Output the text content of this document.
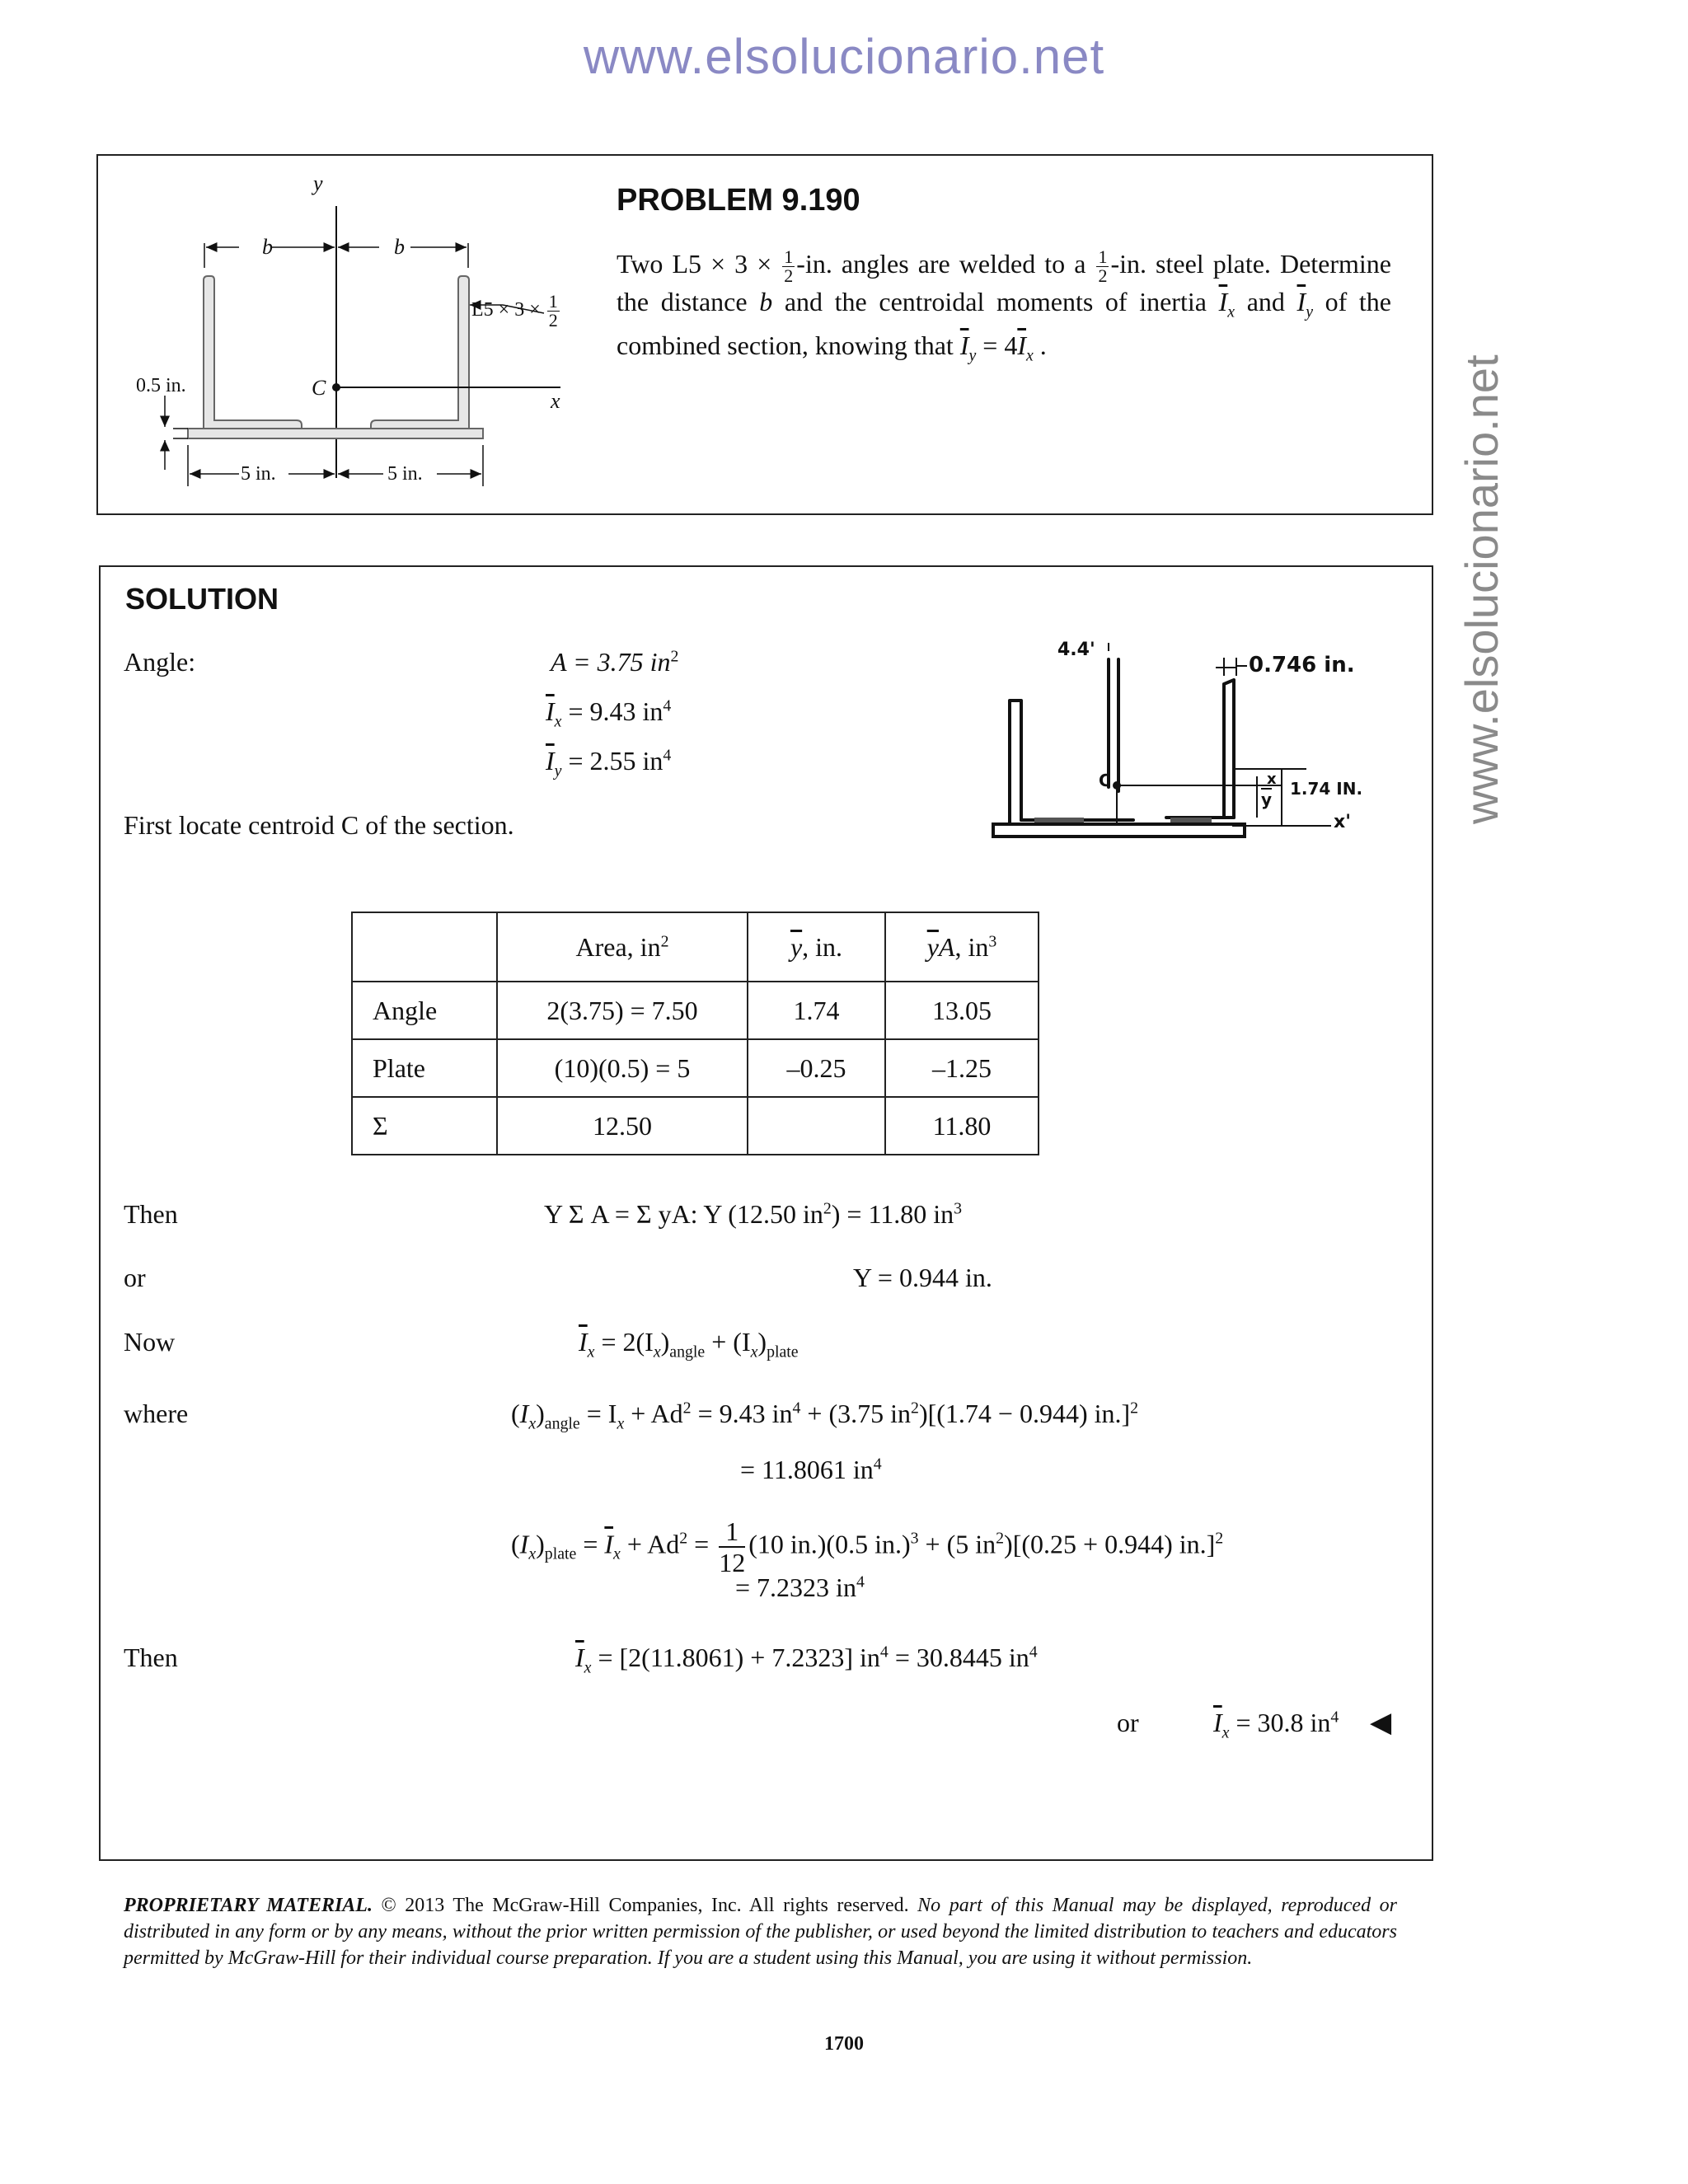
www.elsolucionario.net
www.elsolucionario.net
y
b	b
C
x
$L5 \times 3 \times \frac{1}{2}$
0.5 in.
5 in.	5 in.
PROBLEM 9.190
Two $L5 \times 3 \times \frac{1}{2} -in$. angles are welded to a $\frac{1}{2} -in$. steel plate. Determine the distance b and the centroidal moments of inertia $\overline{I}_x$ and $\overline{I}_y$ of the combined section, knowing that $\overline{I}_y = 4\overline{I}_x$ .
SOLUTION
Angle:	A = 3.75 $in^2$
$\overline{I}_x = 9.43$ $in^4$
$\overline{I}_y = 2.55$ $in^4$
First locate centroid C of the section.
4.4'
0.746 in.
1.74 IN.
C	x
$\overline{y}$
x'
	Area, $in^2$	$\overline{y}$, in.	$\overline{y}A$, $in^3$
Angle	2(3.75) = 7.50	1.74	13.05
Plate	(10)(0.5) = 5	–0.25	–1.25
Σ	12.50		11.80
Then	Y Σ A = Σ yA: Y (12.50 $in^2) = 11.80$ $in^3$
or	Y = 0.944 in.
Now	$\overline{I}_x = 2(I_x)_{angle} + (I_x)_{plate}$
where	$(I_x)_{angle} = I_x + Ad^2 = 9.43$ $in^4 + (3.75$ $in^2)[(1.74 - 0.944)$ in.]$^2$
= 11.8061 $in^4$
$(I_x)_{plate} = \overline{I}_x + Ad^2 = \frac{1}{12} (10$ in.)(0.5 in.)$^3$ + (5 $in^2)[(0.25 + 0.944)$ in.]$^2$
= 7.2323 $in^4$
Then	$\overline{I}_x = [2(11.8061) + 7.2323] in^4 = 30.8445$ $in^4$
or	$\overline{I}_x = 30.8$ $in^4$ ◀
PROPRIETARY MATERIAL. © 2013 The McGraw-Hill Companies, Inc. All rights reserved. No part of this Manual may be displayed, reproduced or distributed in any form or by any means, without the prior written permission of the publisher, or used beyond the limited distribution to teachers and educators permitted by McGraw-Hill for their individual course preparation. If you are a student using this Manual, you are using it without permission.
1700
